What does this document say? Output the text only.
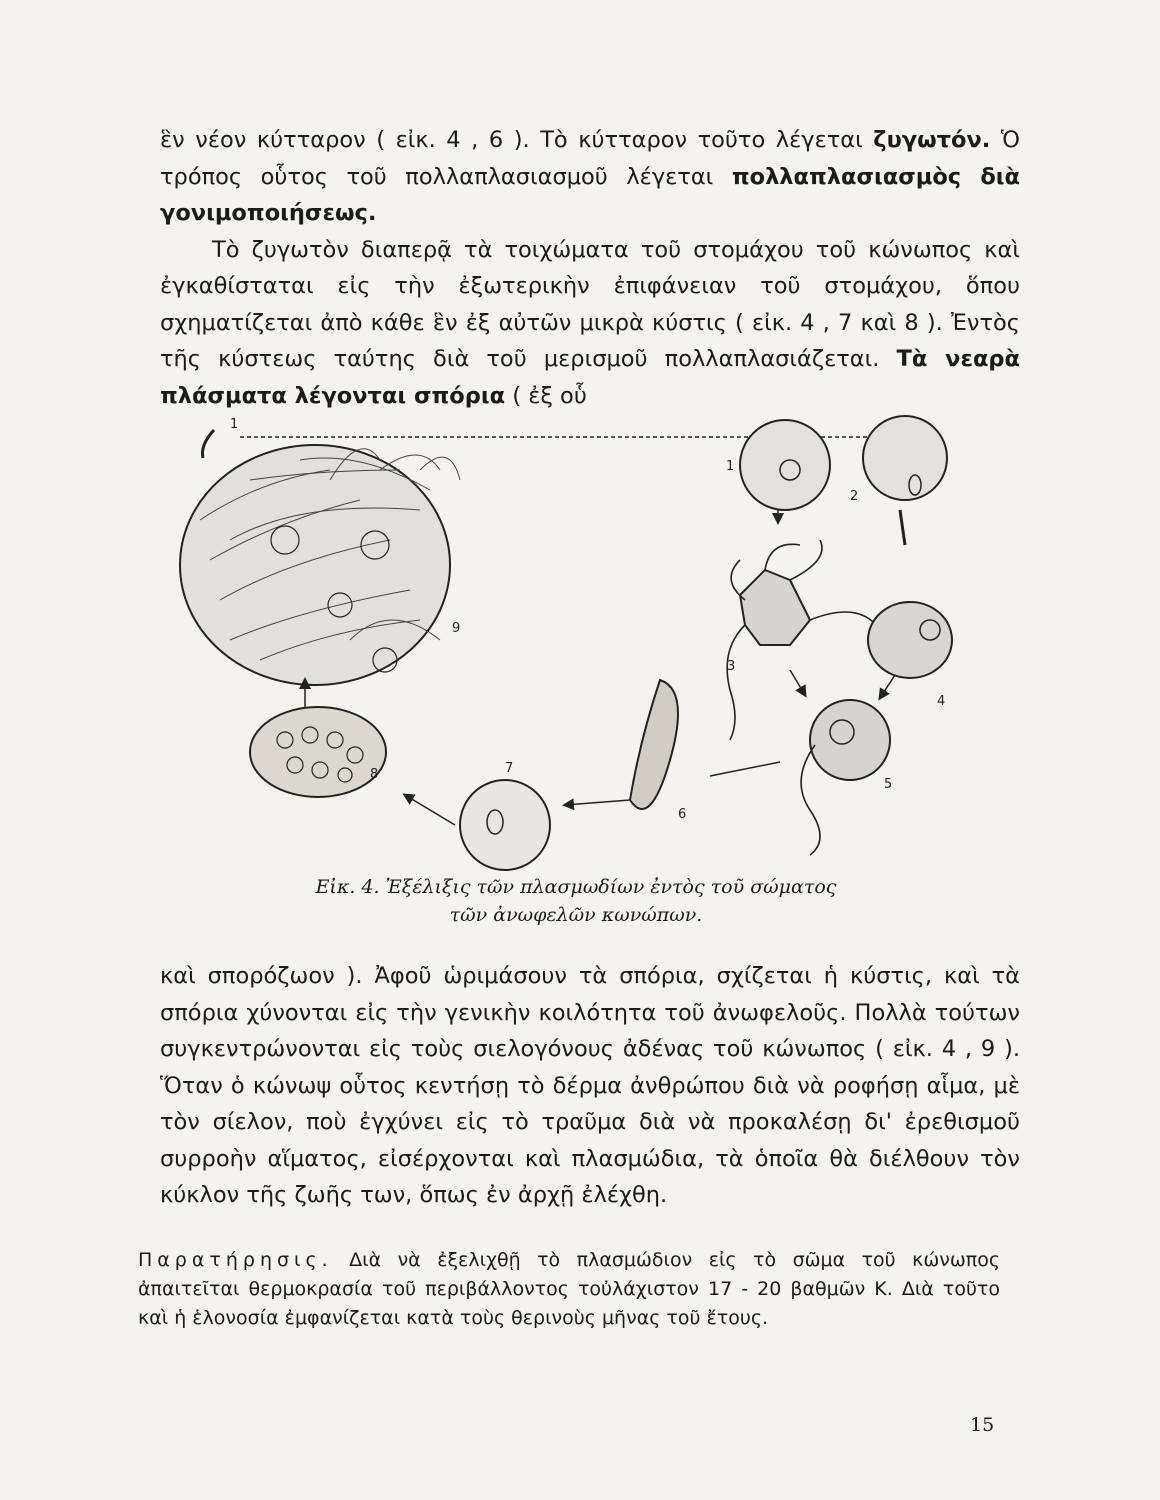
ἓν νέον κύτταρον ( εἰκ. 4 , 6 ). Τὸ κύτταρον τοῦτο λέγεται ζυγωτόν. Ὁ τρόπος οὗτος τοῦ πολλαπλασιασμοῦ λέγεται πολλαπλασιασμὸς διὰ γονιμοποιήσεως.

Τὸ ζυγωτὸν διαπερᾷ τὰ τοιχώματα τοῦ στομάχου τοῦ κώνωπος καὶ ἐγκαθίσταται εἰς τὴν ἐξωτερικὴν ἐπιφάνειαν τοῦ στομάχου, ὅπου σχηματίζεται ἀπὸ κάθε ἓν ἐξ αὐτῶν μικρὰ κύστις ( εἰκ. 4 , 7 καὶ 8 ). Ἐντὸς τῆς κύστεως ταύτης διὰ τοῦ μερισμοῦ πολλαπλασιάζεται. Τὰ νεαρὰ πλάσματα λέγονται σπόρια ( ἐξ οὗ

1
1
2
3
4
5
6
7
8
9
Εἰκ. 4. Ἐξέλιξις τῶν πλασμωδίων ἐντὸς τοῦ σώματος
τῶν ἀνωφελῶν κωνώπων.

καὶ σπορόζωον ). Ἀφοῦ ὡριμάσουν τὰ σπόρια, σχίζεται ἡ κύστις, καὶ τὰ σπόρια χύνονται εἰς τὴν γενικὴν κοιλότητα τοῦ ἀνωφελοῦς. Πολλὰ τούτων συγκεντρώνονται εἰς τοὺς σιελογόνους ἀδένας τοῦ κώνωπος ( εἰκ. 4 , 9 ). Ὅταν ὁ κώνωψ οὗτος κεντήσῃ τὸ δέρμα ἀνθρώπου διὰ νὰ ροφήσῃ αἷμα, μὲ τὸν σίελον, ποὺ ἐγχύνει εἰς τὸ τραῦμα διὰ νὰ προκαλέσῃ δι' ἐρεθισμοῦ συρροὴν αἵματος, εἰσέρχονται καὶ πλασμώδια, τὰ ὁποῖα θὰ διέλθουν τὸν κύκλον τῆς ζωῆς των, ὅπως ἐν ἀρχῇ ἐλέχθη.

Παρατήρησις. Διὰ νὰ ἐξελιχθῇ τὸ πλασμώδιον εἰς τὸ σῶμα τοῦ κώνωπος ἀπαιτεῖται θερμοκρασία τοῦ περιβάλλοντος τοὐλάχιστον 17 - 20 βαθμῶν Κ. Διὰ τοῦτο καὶ ἡ ἑλονοσία ἐμφανίζεται κατὰ τοὺς θερινοὺς μῆνας τοῦ ἔτους.
15
